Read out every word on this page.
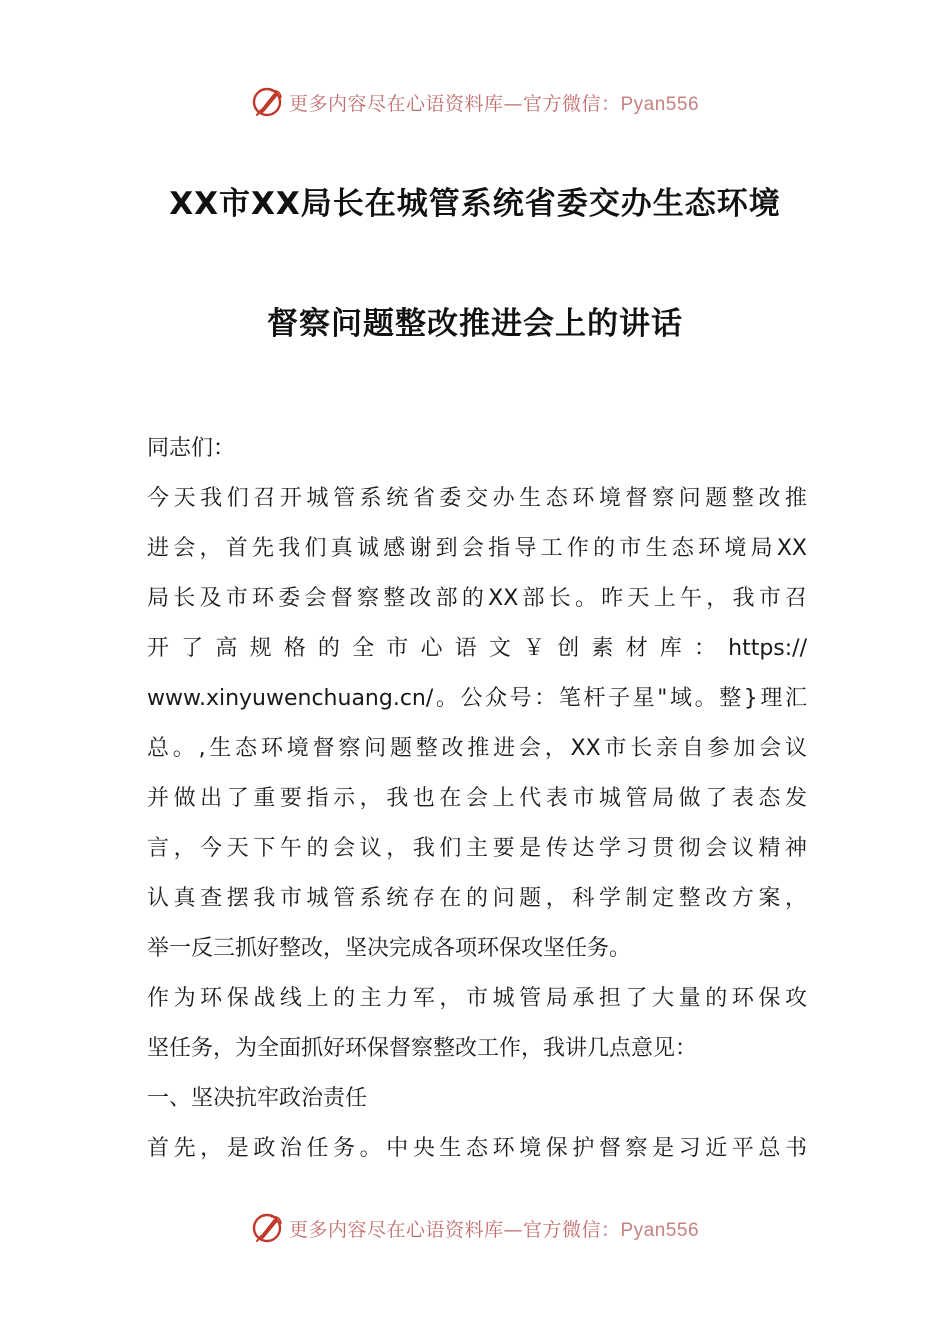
更多内容尽在心语资料库—官方微信：Pyan556
XX市XX局长在城管系统省委交办生态环境
督察问题整改推进会上的讲话
同志们：
今天我们召开城管系统省委交办生态环境督察问题整改推
进会，首先我们真诚感谢到会指导工作的市生态环境局XX
局长及市环委会督察整改部的XX部长。昨天上午，我市召
开 了 高 规 格 的 全 市 心 语 文 ￥ 创 素 材 库 ： https://
www.xinyuwenchuang.cn/。公众号：笔杆子星"域。整}理汇
总。,生态环境督察问题整改推进会，XX市长亲自参加会议
并做出了重要指示，我也在会上代表市城管局做了表态发
言，今天下午的会议，我们主要是传达学习贯彻会议精神
认真查摆我市城管系统存在的问题，科学制定整改方案，
举一反三抓好整改，坚决完成各项环保攻坚任务。
作为环保战线上的主力军，市城管局承担了大量的环保攻
坚任务，为全面抓好环保督察整改工作，我讲几点意见：
一、坚决抗牢政治责任
首先，是政治任务。中央生态环境保护督察是习近平总书
更多内容尽在心语资料库—官方微信：Pyan556
